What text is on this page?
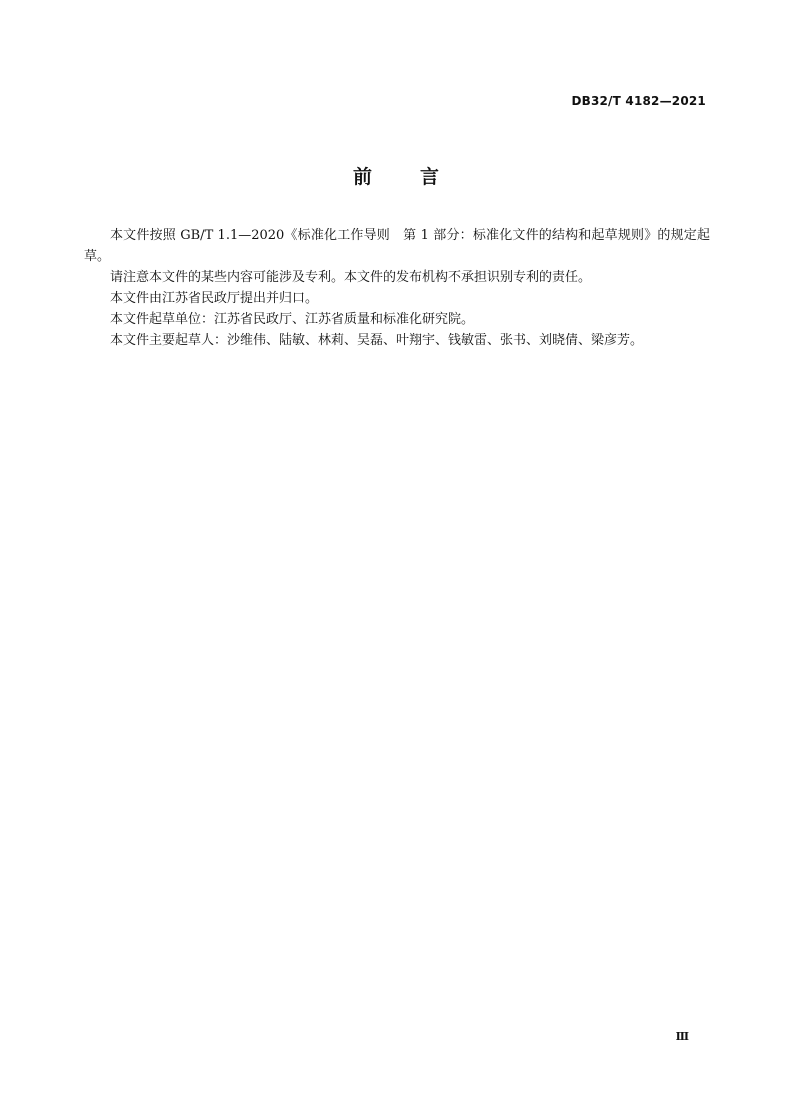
DB32/T 4182—2021
前言

本文件按照 GB/T 1.1—2020《标准化工作导则　第 1 部分：标准化文件的结构和起草规则》的规定起草。

请注意本文件的某些内容可能涉及专利。本文件的发布机构不承担识别专利的责任。

本文件由江苏省民政厅提出并归口。

本文件起草单位：江苏省民政厅、江苏省质量和标准化研究院。

本文件主要起草人：沙维伟、陆敏、林莉、吴磊、叶翔宇、钱敏雷、张书、刘晓倩、梁彦芳。

Ⅲ
